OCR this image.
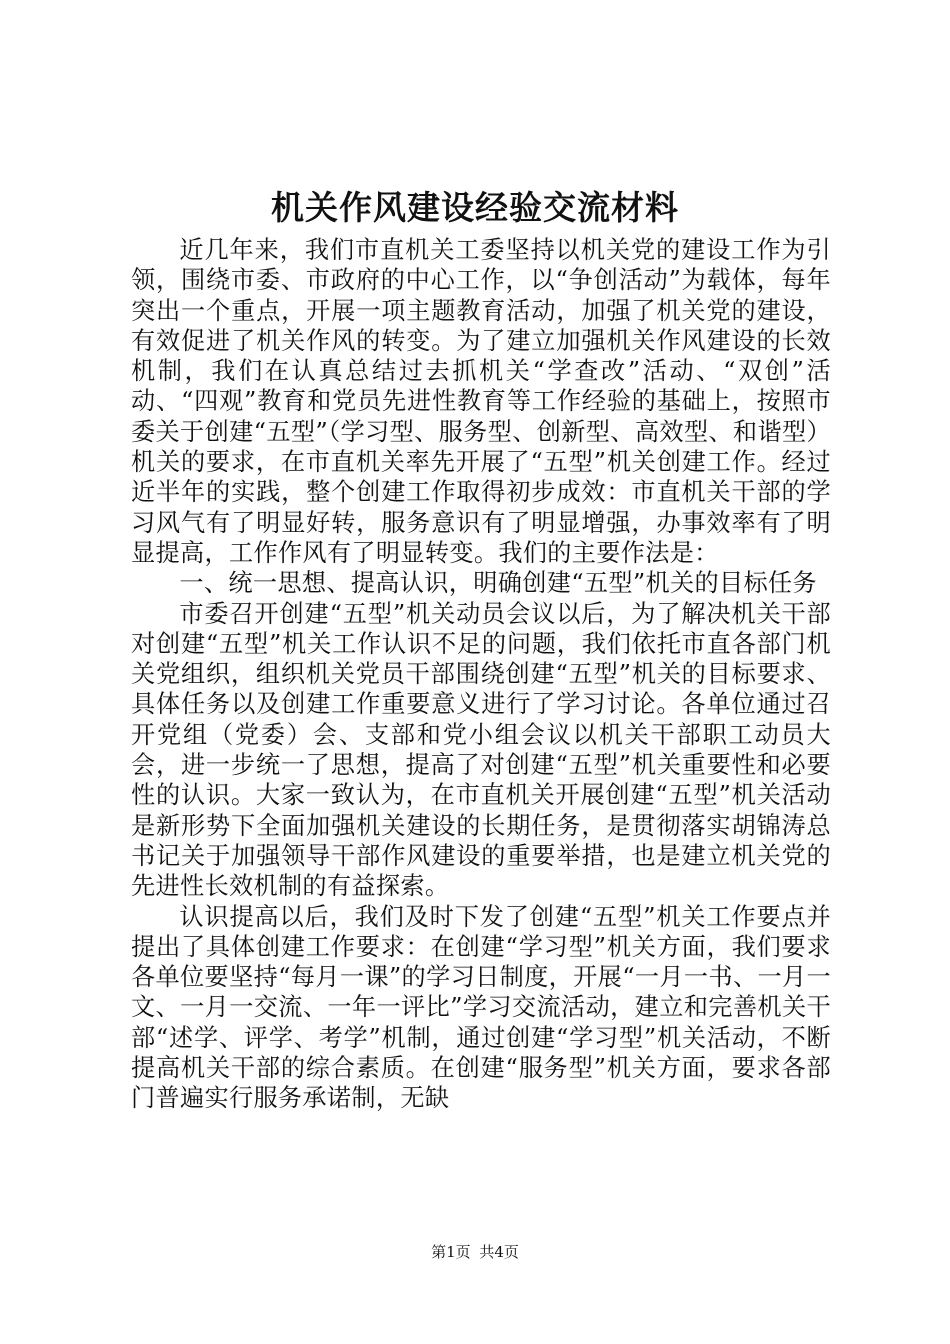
机关作风建设经验交流材料

近几年来，我们市直机关工委坚持以机关党的建设工作为引领，围绕市委、市政府的中心工作，以“争创活动”为载体，每年突出一个重点，开展一项主题教育活动，加强了机关党的建设，有效促进了机关作风的转变。为了建立加强机关作风建设的长效机制，我们在认真总结过去抓机关“学查改”活动、“双创”活动、“四观”教育和党员先进性教育等工作经验的基础上，按照市委关于创建“五型”（学习型、服务型、创新型、高效型、和谐型）机关的要求，在市直机关率先开展了“五型”机关创建工作。经过近半年的实践，整个创建工作取得初步成效：市直机关干部的学习风气有了明显好转，服务意识有了明显增强，办事效率有了明显提高，工作作风有了明显转变。我们的主要作法是：

一、统一思想、提高认识，明确创建“五型”机关的目标任务

市委召开创建“五型”机关动员会议以后，为了解决机关干部对创建“五型”机关工作认识不足的问题，我们依托市直各部门机关党组织，组织机关党员干部围绕创建“五型”机关的目标要求、具体任务以及创建工作重要意义进行了学习讨论。各单位通过召开党组（党委）会、支部和党小组会议以机关干部职工动员大会，进一步统一了思想，提高了对创建“五型”机关重要性和必要性的认识。大家一致认为，在市直机关开展创建“五型”机关活动是新形势下全面加强机关建设的长期任务，是贯彻落实胡锦涛总书记关于加强领导干部作风建设的重要举措，也是建立机关党的先进性长效机制的有益探索。

认识提高以后，我们及时下发了创建“五型”机关工作要点并提出了具体创建工作要求：在创建“学习型”机关方面，我们要求各单位要坚持“每月一课”的学习日制度，开展“一月一书、一月一文、一月一交流、一年一评比”学习交流活动，建立和完善机关干部“述学、评学、考学”机制，通过创建“学习型”机关活动，不断提高机关干部的综合素质。在创建“服务型”机关方面，要求各部门普遍实行服务承诺制，无缺

第1页 共4页
